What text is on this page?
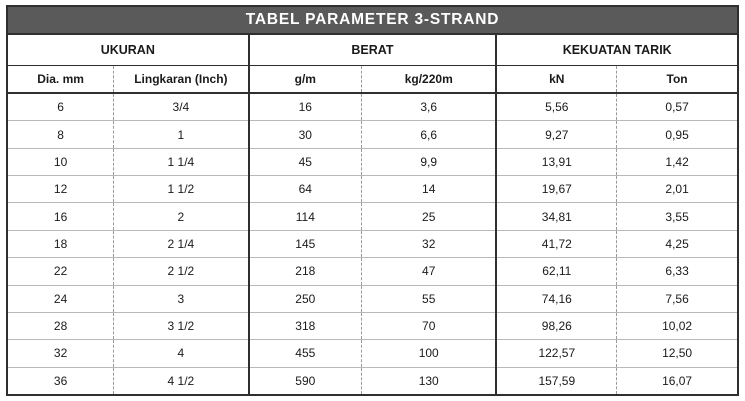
TABEL PARAMETER 3-STRAND					
UKURAN		BERAT		KEKUATAN TARIK	
Dia. mm	Lingkaran (Inch)	g/m	kg/220m	kN	Ton
6	3/4	16	3,6	5,56	0,57
8	1	30	6,6	9,27	0,95
10	1 1/4	45	9,9	13,91	1,42
12	1 1/2	64	14	19,67	2,01
16	2	114	25	34,81	3,55
18	2 1/4	145	32	41,72	4,25
22	2 1/2	218	47	62,11	6,33
24	3	250	55	74,16	7,56
28	3 1/2	318	70	98,26	10,02
32	4	455	100	122,57	12,50
36	4 1/2	590	130	157,59	16,07
